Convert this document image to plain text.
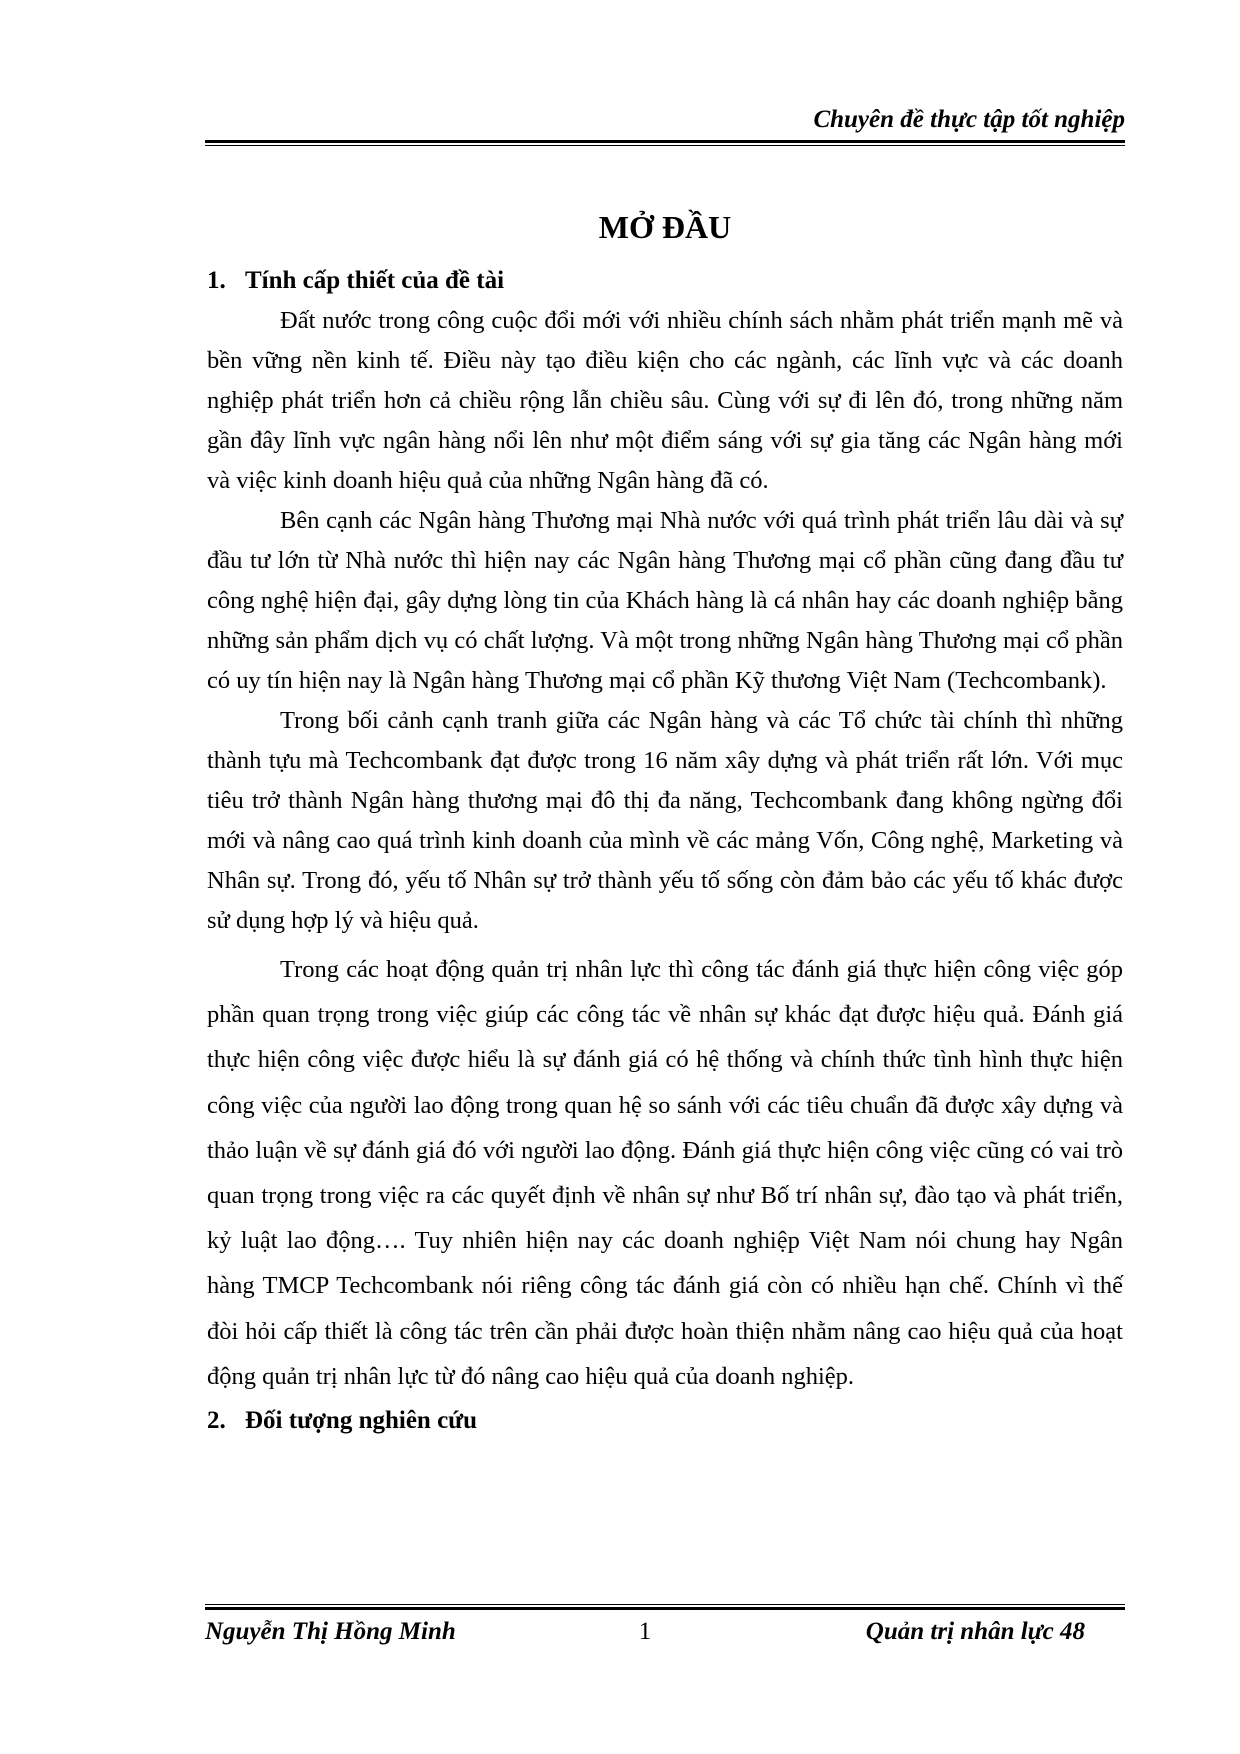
Chuyên đề thực tập tốt nghiệp
MỞ ĐẦU
1. Tính cấp thiết của đề tài

Đất nước trong công cuộc đổi mới với nhiều chính sách nhằm phát triển mạnh mẽ và bền vững nền kinh tế. Điều này tạo điều kiện cho các ngành, các lĩnh vực và các doanh nghiệp phát triển hơn cả chiều rộng lẫn chiều sâu. Cùng với sự đi lên đó, trong những năm gần đây lĩnh vực ngân hàng nổi lên như một điểm sáng với sự gia tăng các Ngân hàng mới và việc kinh doanh hiệu quả của những Ngân hàng đã có.

Bên cạnh các Ngân hàng Thương mại Nhà nước với quá trình phát triển lâu dài và sự đầu tư lớn từ Nhà nước thì hiện nay các Ngân hàng Thương mại cổ phần cũng đang đầu tư công nghệ hiện đại, gây dựng lòng tin của Khách hàng là cá nhân hay các doanh nghiệp bằng những sản phẩm dịch vụ có chất lượng. Và một trong những Ngân hàng Thương mại cổ phần có uy tín hiện nay là Ngân hàng Thương mại cổ phần Kỹ thương Việt Nam (Techcombank).

Trong bối cảnh cạnh tranh giữa các Ngân hàng và các Tổ chức tài chính thì những thành tựu mà Techcombank đạt được trong 16 năm xây dựng và phát triển rất lớn. Với mục tiêu trở thành Ngân hàng thương mại đô thị đa năng, Techcombank đang không ngừng đổi mới và nâng cao quá trình kinh doanh của mình về các mảng Vốn, Công nghệ, Marketing và Nhân sự. Trong đó, yếu tố Nhân sự trở thành yếu tố sống còn đảm bảo các yếu tố khác được sử dụng hợp lý và hiệu quả.

Trong các hoạt động quản trị nhân lực thì công tác đánh giá thực hiện công việc góp phần quan trọng trong việc giúp các công tác về nhân sự khác đạt được hiệu quả. Đánh giá thực hiện công việc được hiểu là sự đánh giá có hệ thống và chính thức tình hình thực hiện công việc của người lao động trong quan hệ so sánh với các tiêu chuẩn đã được xây dựng và thảo luận về sự đánh giá đó với người lao động. Đánh giá thực hiện công việc cũng có vai trò quan trọng trong việc ra các quyết định về nhân sự như Bố trí nhân sự, đào tạo và phát triển, kỷ luật lao động…. Tuy nhiên hiện nay các doanh nghiệp Việt Nam nói chung hay Ngân hàng TMCP Techcombank nói riêng công tác đánh giá còn có nhiều hạn chế. Chính vì thế đòi hỏi cấp thiết là công tác trên cần phải được hoàn thiện nhằm nâng cao hiệu quả của hoạt động quản trị nhân lực từ đó nâng cao hiệu quả của doanh nghiệp.

2. Đối tượng nghiên cứu
Nguyễn Thị Hồng Minh	1	Quản trị nhân lực 48
